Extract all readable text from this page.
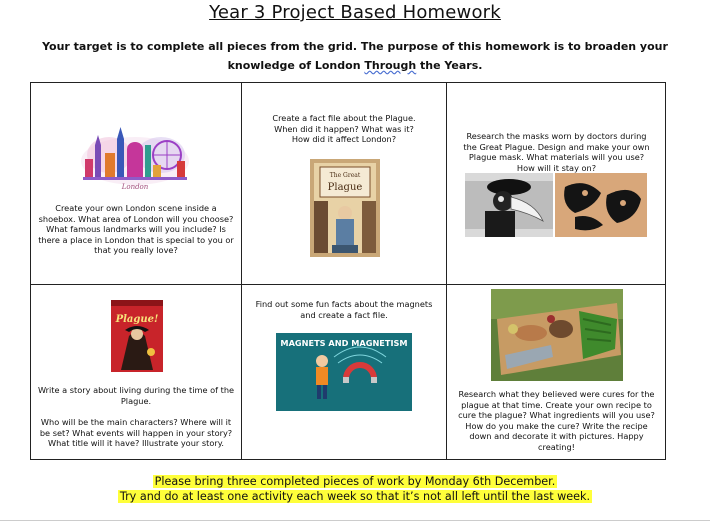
Year 3 Project Based Homework
Your target is to complete all pieces from the grid. The purpose of this homework is to broaden your
knowledge of London Through the Years.
London
Create your own London scene inside a shoebox. What area of London will you choose? What famous landmarks will you include? Is there a place in London that is special to you or that you really love?
Create a fact file about the Plague. When did it happen? What was it? How did it affect London?
The Great
Plague
Research the masks worn by doctors during the Great Plague. Design and make your own Plague mask. What materials will you use? How will it stay on?
Plague!
Write a story about living during the time of the Plague.
Who will be the main characters? Where will it be set? What events will happen in your story? What title will it have? Illustrate your story.
Find out some fun facts about the magnets and create a fact file.
MAGNETS AND MAGNETISM
Research what they believed were cures for the plague at that time. Create your own recipe to cure the plague? What ingredients will you use? How do you make the cure? Write the recipe down and decorate it with pictures. Happy creating!
Please bring three completed pieces of work by Monday 6th December.
Try and do at least one activity each week so that it’s not all left until the last week.
